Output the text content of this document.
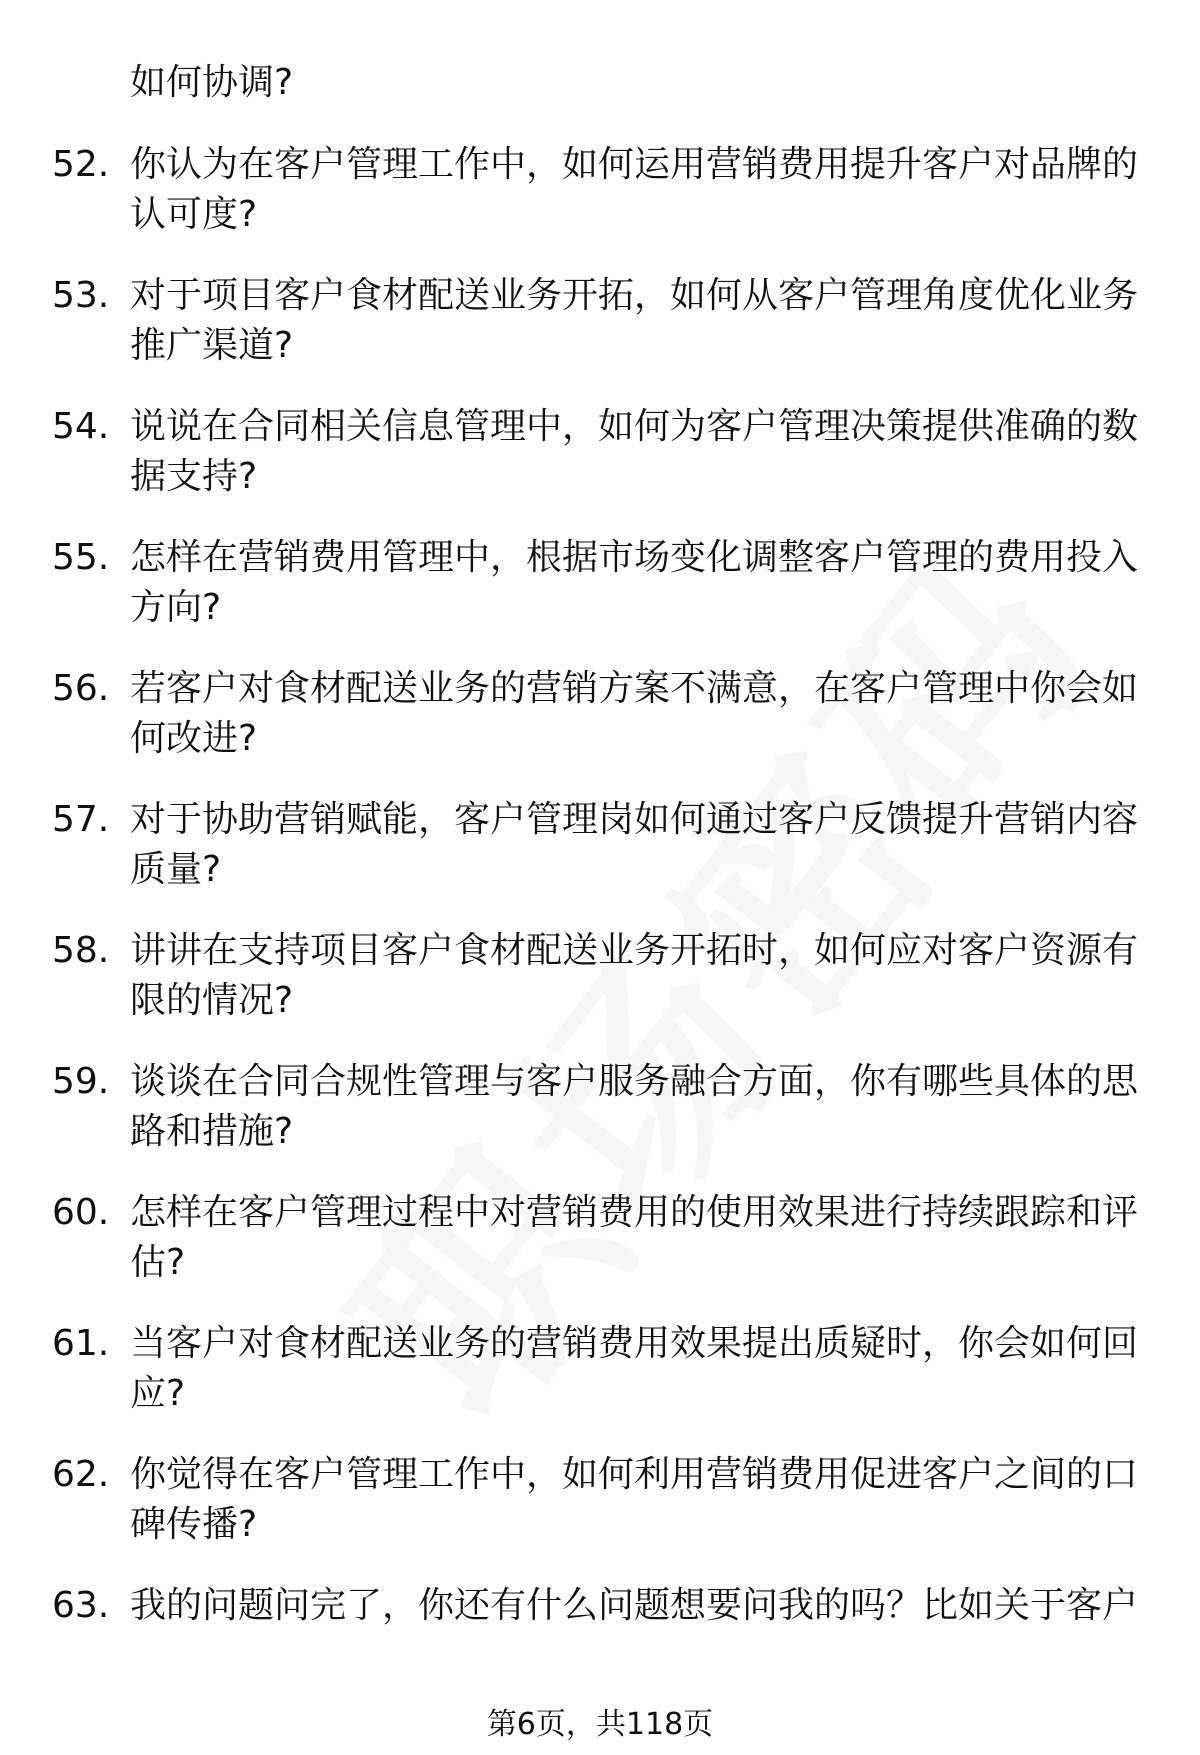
如何协调?
52. 你认为在客户管理工作中，如何运用营销费用提升客户对品牌的
认可度?
53. 对于项目客户食材配送业务开拓，如何从客户管理角度优化业务
推广渠道?
54. 说说在合同相关信息管理中，如何为客户管理决策提供准确的数
据支持?
55. 怎样在营销费用管理中，根据市场变化调整客户管理的费用投入
方向?
56. 若客户对食材配送业务的营销方案不满意，在客户管理中你会如
何改进?
57. 对于协助营销赋能，客户管理岗如何通过客户反馈提升营销内容
质量?
58. 讲讲在支持项目客户食材配送业务开拓时，如何应对客户资源有
限的情况?
59. 谈谈在合同合规性管理与客户服务融合方面，你有哪些具体的思
路和措施?
60. 怎样在客户管理过程中对营销费用的使用效果进行持续跟踪和评
估?
61. 当客户对食材配送业务的营销费用效果提出质疑时，你会如何回
应?
62. 你觉得在客户管理工作中，如何利用营销费用促进客户之间的口
碑传播?
63. 我的问题问完了，你还有什么问题想要问我的吗？比如关于客户
第6页，共118页
